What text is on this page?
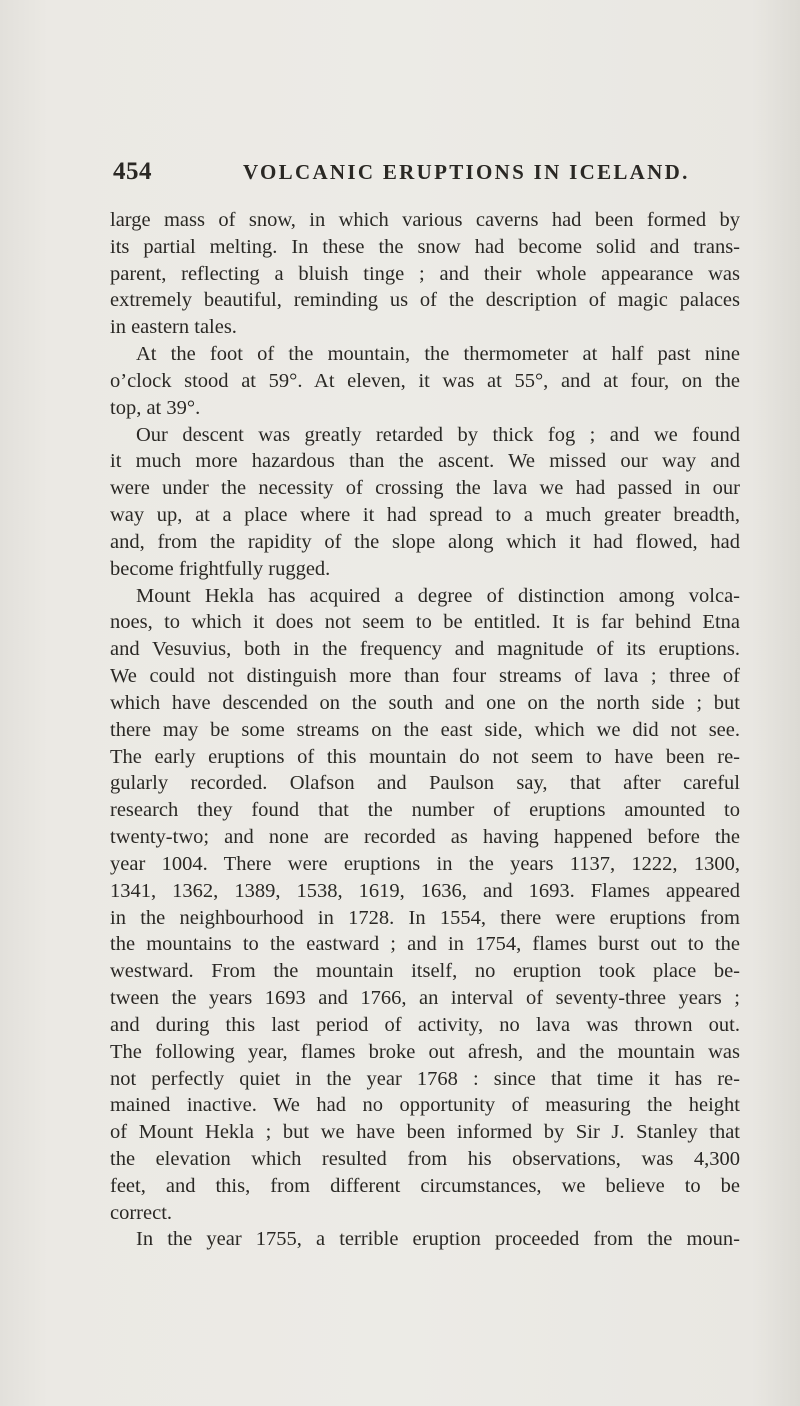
454	VOLCANIC ERUPTIONS IN ICELAND.
large mass of snow, in which various caverns had been formed by
its partial melting. In these the snow had become solid and trans-
parent, reflecting a bluish tinge ; and their whole appearance was
extremely beautiful, reminding us of the description of magic palaces
in eastern tales.
At the foot of the mountain, the thermometer at half past nine
o’clock stood at 59°. At eleven, it was at 55°, and at four, on the
top, at 39°.
Our descent was greatly retarded by thick fog ; and we found
it much more hazardous than the ascent. We missed our way and
were under the necessity of crossing the lava we had passed in our
way up, at a place where it had spread to a much greater breadth,
and, from the rapidity of the slope along which it had flowed, had
become frightfully rugged.
Mount Hekla has acquired a degree of distinction among volca-
noes, to which it does not seem to be entitled. It is far behind Etna
and Vesuvius, both in the frequency and magnitude of its eruptions.
We could not distinguish more than four streams of lava ; three of
which have descended on the south and one on the north side ; but
there may be some streams on the east side, which we did not see.
The early eruptions of this mountain do not seem to have been re-
gularly recorded. Olafson and Paulson say, that after careful
research they found that the number of eruptions amounted to
twenty-two; and none are recorded as having happened before the
year 1004. There were eruptions in the years 1137, 1222, 1300,
1341, 1362, 1389, 1538, 1619, 1636, and 1693. Flames appeared
in the neighbourhood in 1728. In 1554, there were eruptions from
the mountains to the eastward ; and in 1754, flames burst out to the
westward. From the mountain itself, no eruption took place be-
tween the years 1693 and 1766, an interval of seventy-three years ;
and during this last period of activity, no lava was thrown out.
The following year, flames broke out afresh, and the mountain was
not perfectly quiet in the year 1768 : since that time it has re-
mained inactive. We had no opportunity of measuring the height
of Mount Hekla ; but we have been informed by Sir J. Stanley that
the elevation which resulted from his observations, was 4,300
feet, and this, from different circumstances, we believe to be
correct.
In the year 1755, a terrible eruption proceeded from the moun-
